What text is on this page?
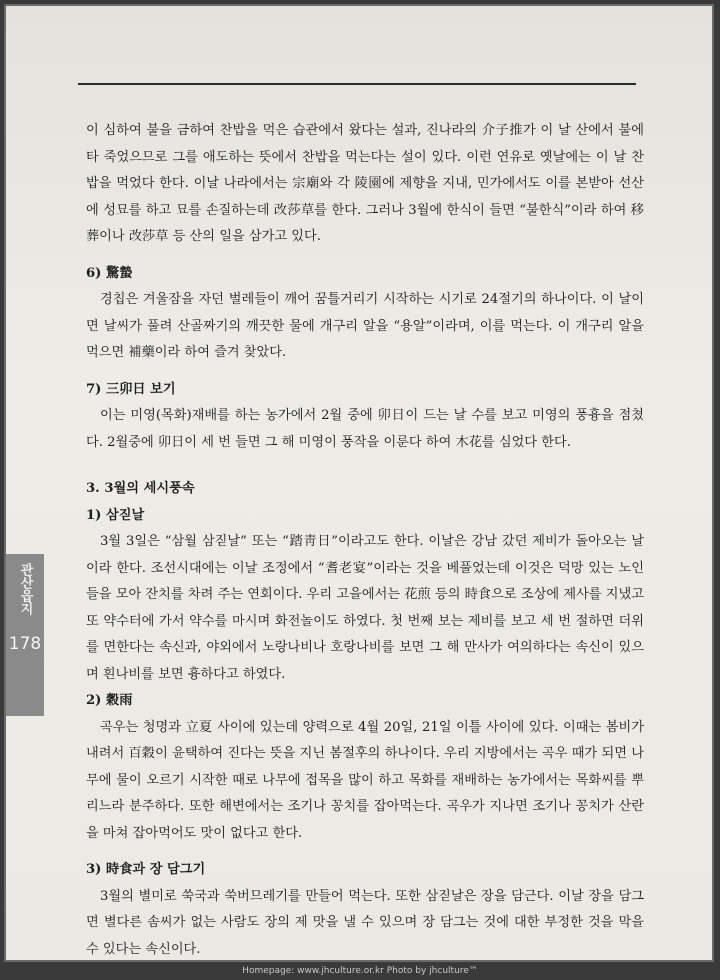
관산읍지
178

이 심하여 불을 금하여 찬밥을 먹은 습관에서 왔다는 설과, 진나라의 介子推가 이 날 산에서 불에 타 죽었으므로 그를 애도하는 뜻에서 찬밥을 먹는다는 설이 있다. 이런 연유로 옛날에는 이 날 찬밥을 먹었다 한다. 이날 나라에서는 宗廟와 각 陵園에 제향을 지내, 민가에서도 이를 본받아 선산에 성묘를 하고 묘를 손질하는데 改莎草를 한다. 그러나 3월에 한식이 들면 “불한식”이라 하여 移葬이나 改莎草 등 산의 일을 삼가고 있다.

6) 驚蟄

경칩은 겨울잠을 자던 벌레들이 깨어 꿈틀거리기 시작하는 시기로 24절기의 하나이다. 이 날이면 날씨가 풀려 산골짜기의 깨끗한 물에 개구리 알을 “용알”이라며, 이를 먹는다. 이 개구리 알을 먹으면 補藥이라 하여 즐겨 찾았다.

7) 三卯日 보기

이는 미영(목화)재배를 하는 농가에서 2월 중에 卯日이 드는 날 수를 보고 미영의 풍흉을 점쳤다. 2월중에 卯日이 세 번 들면 그 해 미영이 풍작을 이룬다 하여 木花를 심었다 한다.

3. 3월의 세시풍속

1) 삼짇날

3월 3일은 “삼월 삼짇날” 또는 “踏靑日”이라고도 한다. 이날은 강남 갔던 제비가 돌아오는 날이라 한다. 조선시대에는 이날 조정에서 “耆老宴”이라는 것을 베풀었는데 이것은 덕망 있는 노인들을 모아 잔치를 차려 주는 연회이다. 우리 고을에서는 花煎 등의 時食으로 조상에 제사를 지냈고 또 약수터에 가서 약수를 마시며 화전놀이도 하였다. 첫 번째 보는 제비를 보고 세 번 절하면 더위를 면한다는 속신과, 야외에서 노랑나비나 호랑나비를 보면 그 해 만사가 여의하다는 속신이 있으며 흰나비를 보면 흉하다고 하였다.

2) 穀雨

곡우는 청명과 立夏 사이에 있는데 양력으로 4월 20일, 21일 이틀 사이에 있다. 이때는 봄비가 내려서 百穀이 윤택하여 진다는 뜻을 지닌 봄절후의 하나이다. 우리 지방에서는 곡우 때가 되면 나무에 물이 오르기 시작한 때로 나무에 접목을 많이 하고 목화를 재배하는 농가에서는 목화씨를 뿌리느라 분주하다. 또한 해변에서는 조기나 꽁치를 잡아먹는다. 곡우가 지나면 조기나 꽁치가 산란을 마쳐 잡아먹어도 맛이 없다고 한다.

3) 時食과 장 담그기

3월의 별미로 쑥국과 쑥버므레기를 만들어 먹는다. 또한 삼짇날은 장을 담근다. 이날 장을 담그면 별다른 솜씨가 없는 사람도 장의 제 맛을 낼 수 있으며 장 담그는 것에 대한 부정한 것을 막을 수 있다는 속신이다.

Homepage: www.jhculture.or.kr Photo by jhculture™
